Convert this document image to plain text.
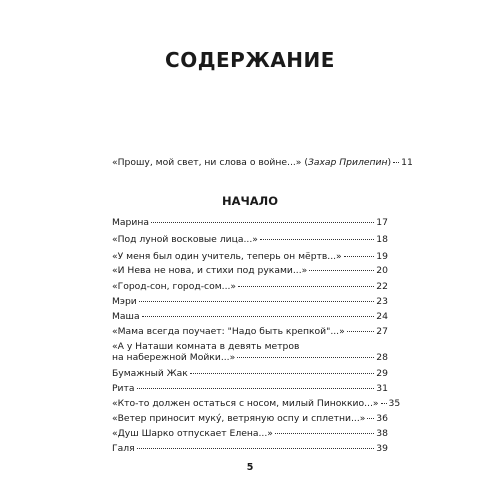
СОДЕРЖАНИЕ
«Прошу, мой свет, ни слова о войне...» (Захар Прилепин) 11
НАЧАЛО
Марина	17
«Под луной восковые лица...»	18
«У меня был один учитель, теперь он мёртв...»	19
«И Нева не нова, и стихи под руками...»	20
«Город-сон, город-сом...»	22
Мэри	23
Маша	24
«Мама всегда поучает: "Надо быть крепкой"...»	27
«А у Наташи комната в девять метров
на набережной Мойки...»	28
Бумажный Жак	29
Рита	31
«Кто-то должен остаться с носом, милый Пиноккио...» 35
«Ветер приносит муку́, ветряную оспу и сплетни...» 36
«Душ Шарко отпускает Елена...»	38
Галя	39
5
